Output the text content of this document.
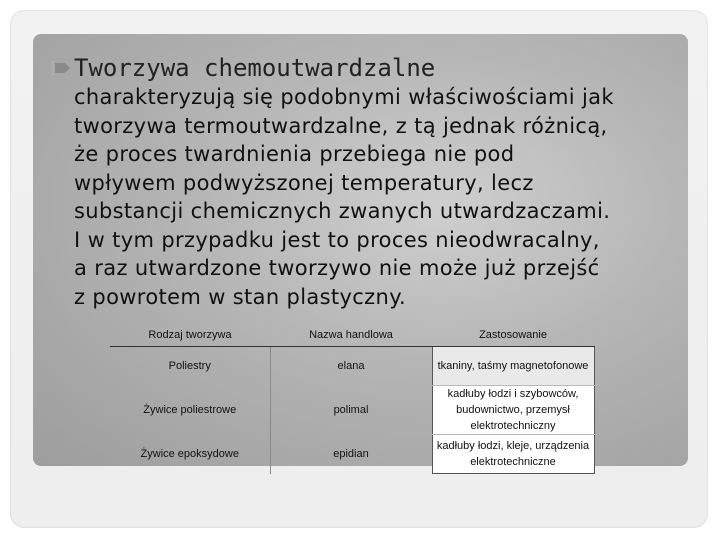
Tworzywa chemoutwardzalne

charakteryzują się podobnymi właściwościami jak
tworzywa termoutwardzalne, z tą jednak różnicą,
że proces twardnienia przebiega nie pod
wpływem podwyższonej temperatury, lecz
substancji chemicznych zwanych utwardzaczami.
I w tym przypadku jest to proces nieodwracalny,
a raz utwardzone tworzywo nie może już przejść
z powrotem w stan plastyczny.

Rodzaj tworzywa	Nazwa handlowa	Zastosowanie
Poliestry	elana	tkaniny, taśmy magnetofonowe
Żywice poliestrowe	polimal	kadłuby łodzi i szybowców, budownictwo, przemysł elektrotechniczny
Żywice epoksydowe	epidian	kadłuby łodzi, kleje, urządzenia elektrotechniczne
